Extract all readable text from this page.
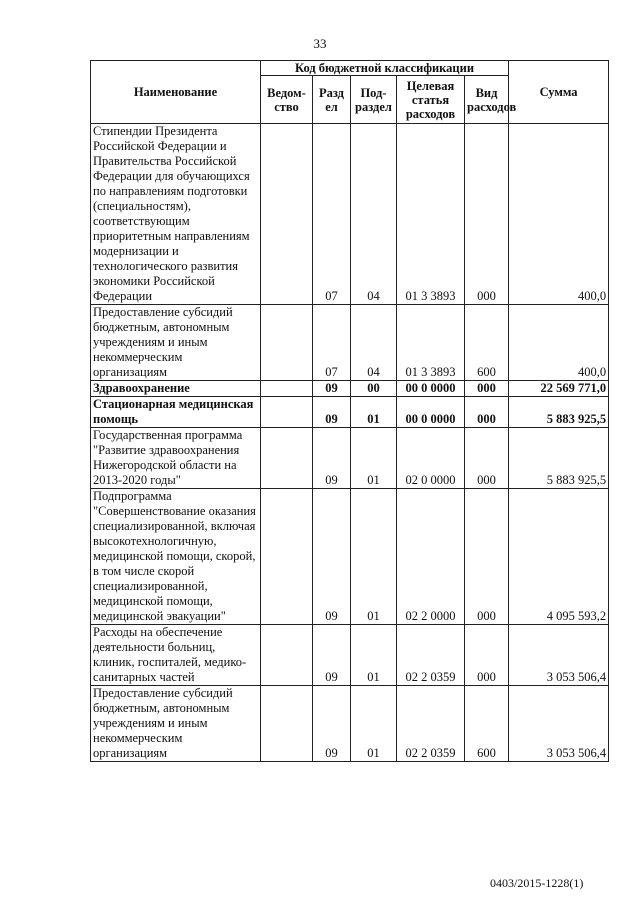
33
Наименование	Код бюджетной классификации					Сумма
	Ведом-ство	Разд ел	Под-раздел	Целевая статья расходов	Вид расходов	
Стипендии Президента Российской Федерации и Правительства Российской Федерации для обучающихся по направлениям подготовки (специальностям), соответствующим приоритетным направлениям модернизации и технологического развития экономики Российской Федерации		07	04	01 3 3893	000	400,0
Предоставление субсидий бюджетным, автономным учреждениям и иным некоммерческим организациям		07	04	01 3 3893	600	400,0
Здравоохранение		09	00	00 0 0000	000	22 569 771,0
Стационарная медицинская помощь		09	01	00 0 0000	000	5 883 925,5
Государственная программа "Развитие здравоохранения Нижегородской области на 2013-2020 годы"		09	01	02 0 0000	000	5 883 925,5
Подпрограмма "Совершенствование оказания специализированной, включая высокотехнологичную, медицинской помощи, скорой, в том числе скорой специализированной, медицинской помощи, медицинской эвакуации"		09	01	02 2 0000	000	4 095 593,2
Расходы на обеспечение деятельности больниц, клиник, госпиталей, медико-санитарных частей		09	01	02 2 0359	000	3 053 506,4
Предоставление субсидий бюджетным, автономным учреждениям и иным некоммерческим организациям		09	01	02 2 0359	600	3 053 506,4
0403/2015-1228(1)
